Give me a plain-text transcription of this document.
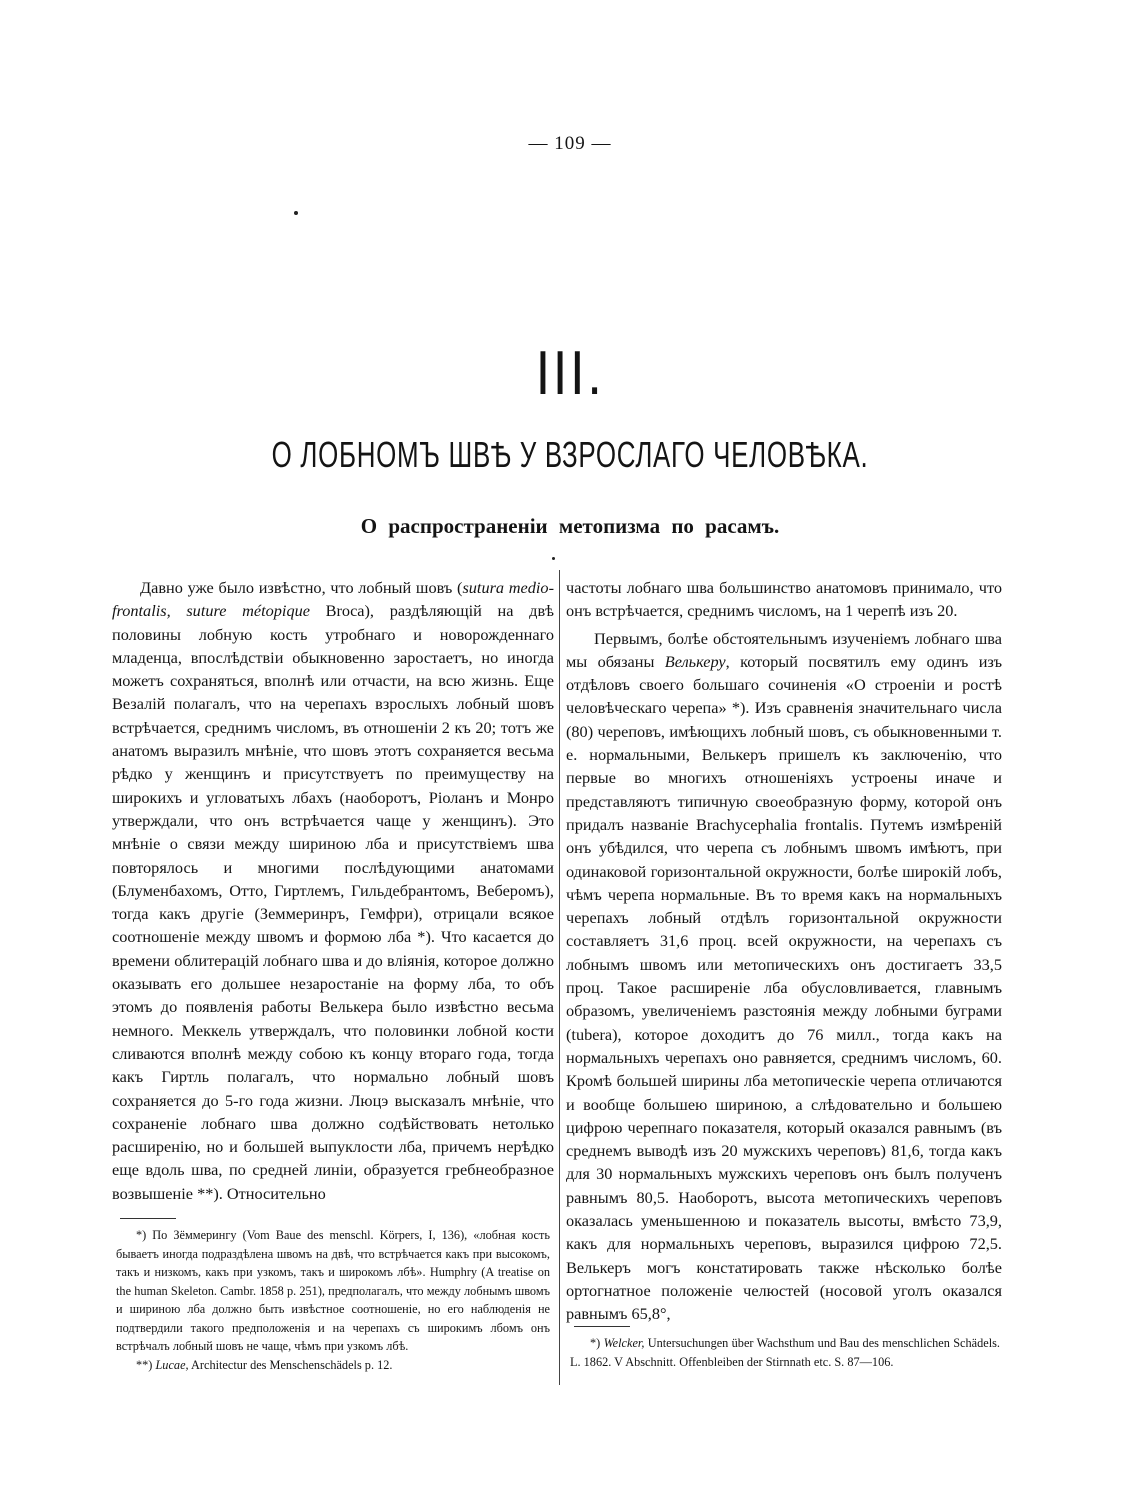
— 109 —
III.
О ЛОБНОМЪ ШВѢ У ВЗРОСЛАГО ЧЕЛОВѢКА.
О распространеніи метопизма по расамъ.

Давно уже было извѣстно, что лобный шовъ (sutura medio-frontalis, suture métopique Broca), раздѣляющій на двѣ половины лобную кость утробнаго и новорожденнаго младенца, впослѣдствіи обыкновенно заростаетъ, но иногда можетъ сохраняться, вполнѣ или отчасти, на всю жизнь. Еще Везалій полагалъ, что на черепахъ взрослыхъ лобный шовъ встрѣчается, среднимъ числомъ, въ отношеніи 2 къ 20; тотъ же анатомъ выразилъ мнѣніе, что шовъ этотъ сохраняется весьма рѣдко у женщинъ и присутствуетъ по преимуществу на широкихъ и угловатыхъ лбахъ (наоборотъ, Ріоланъ и Монро утверждали, что онъ встрѣчается чаще у женщинъ). Это мнѣніе о связи между шириною лба и присутствіемъ шва повторялось и многими послѣдующими анатомами (Блуменбахомъ, Отто, Гиртлемъ, Гильдебрантомъ, Веберомъ), тогда какъ другіе (Земмеринръ, Гемфри), отрицали всякое соотношеніе между швомъ и формою лба *). Что касается до времени облитерацій лобнаго шва и до вліянія, которое должно оказывать его дольшее незаростаніе на форму лба, то объ этомъ до появленія работы Велькера было извѣстно весьма немного. Меккель утверждалъ, что половинки лобной кости сливаются вполнѣ между собою къ концу втораго года, тогда какъ Гиртль полагалъ, что нормально лобный шовъ сохраняется до 5-го года жизни. Люцэ высказалъ мнѣніе, что сохраненіе лобнаго шва должно содѣйствовать нетолько расширенію, но и большей выпуклости лба, причемъ нерѣдко еще вдоль шва, по средней линіи, образуется гребнеобразное возвышеніе **). Относительно

частоты лобнаго шва большинство анатомовъ принимало, что онъ встрѣчается, среднимъ числомъ, на 1 черепѣ изъ 20.

Первымъ, болѣе обстоятельнымъ изученіемъ лобнаго шва мы обязаны Велькеру, который посвятилъ ему одинъ изъ отдѣловъ своего большаго сочиненія «О строеніи и ростѣ человѣческаго черепа» *). Изъ сравненія значительнаго числа (80) череповъ, имѣющихъ лобный шовъ, съ обыкновенными т. е. нормальными, Велькеръ пришелъ къ заключенію, что первые во многихъ отношеніяхъ устроены иначе и представляютъ типичную своеобразную форму, которой онъ придалъ названіе Brachycephalia frontalis. Путемъ измѣреній онъ убѣдился, что черепа съ лобнымъ швомъ имѣютъ, при одинаковой горизонтальной окружности, болѣе широкій лобъ, чѣмъ черепа нормальные. Въ то время какъ на нормальныхъ черепахъ лобный отдѣлъ горизонтальной окружности составляетъ 31,6 проц. всей окружности, на черепахъ съ лобнымъ швомъ или метопическихъ онъ достигаетъ 33,5 проц. Такое расширеніе лба обусловливается, главнымъ образомъ, увеличеніемъ разстоянія между лобными буграми (tubera), которое доходитъ до 76 милл., тогда какъ на нормальныхъ черепахъ оно равняется, среднимъ числомъ, 60. Кромѣ большей ширины лба метопическіе черепа отличаются и вообще большею шириною, а слѣдовательно и большею цифрою черепнаго показателя, который оказался равнымъ (въ среднемъ выводѣ изъ 20 мужскихъ череповъ) 81,6, тогда какъ для 30 нормальныхъ мужскихъ череповъ онъ былъ полученъ равнымъ 80,5. Наоборотъ, высота метопическихъ череповъ оказалась уменьшенною и показатель высоты, вмѣсто 73,9, какъ для нормальныхъ череповъ, выразился цифрою 72,5. Велькеръ могъ констатировать также нѣсколько болѣе ортогнатное положеніе челюстей (носовой уголъ оказался равнымъ 65,8°,

*) По Зёммерингу (Vom Baue des menschl. Körpers, I, 136), «лобная кость бываетъ иногда подраздѣлена швомъ на двѣ, что встрѣчается какъ при высокомъ, такъ и низкомъ, какъ при узкомъ, такъ и широкомъ лбѣ». Humphry (A treatise on the human Skeleton. Cambr. 1858 p. 251), предполагалъ, что между лобнымъ швомъ и шириною лба должно быть извѣстное соотношеніе, но его наблюденія не подтвердили такого предположенія и на черепахъ съ широкимъ лбомъ онъ встрѣчалъ лобный шовъ не чаще, чѣмъ при узкомъ лбѣ.

**) Lucae, Architectur des Menschenschädels p. 12.

*) Welcker, Untersuchungen über Wachsthum und Bau des menschlichen Schädels. L. 1862. V Abschnitt. Offenbleiben der Stirnnath etc. S. 87—106.
